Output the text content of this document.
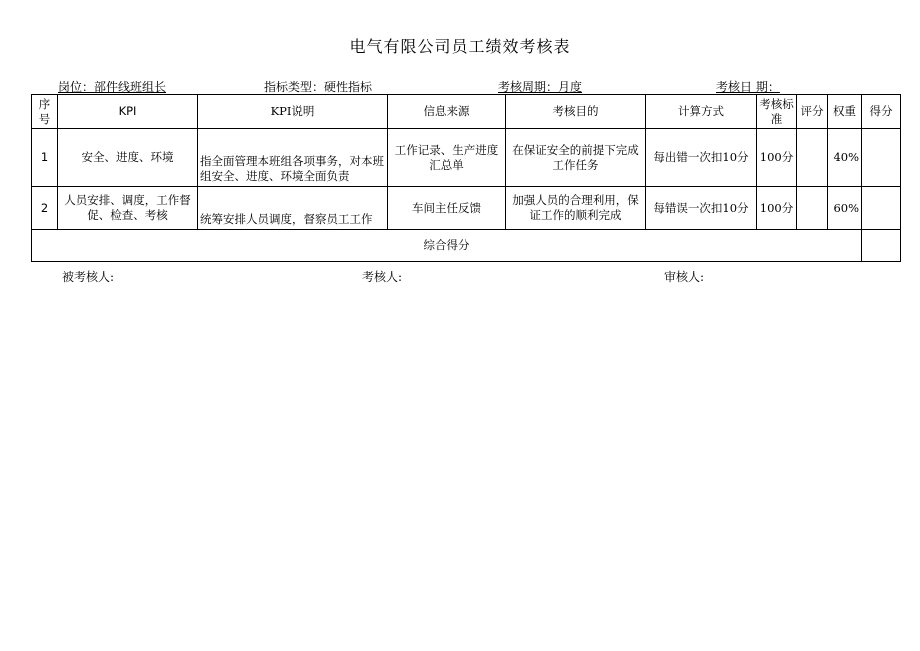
电气有限公司员工绩效考核表
岗位：部件线班组长	指标类型：硬性指标	考核周期：月度	考核日 期：
序号	KPI	KPI说明	信息来源	考核目的	计算方式	考核标准	评分	权重	得分
1	安全、进度、环境	指全面管理本班组各项事务，对本班组安全、进度、环境全面负责	工作记录、生产进度汇总单	在保证安全的前提下完成工作任务	每出错一次扣10分	100分		40%	
2	人员安排、调度，工作督促、检查、考核	统筹安排人员调度，督察员工工作	车间主任反馈	加强人员的合理利用，保证工作的顺利完成	每错误一次扣10分	100分		60%	
综合得分									
被考核人:	考核人:	审核人:
